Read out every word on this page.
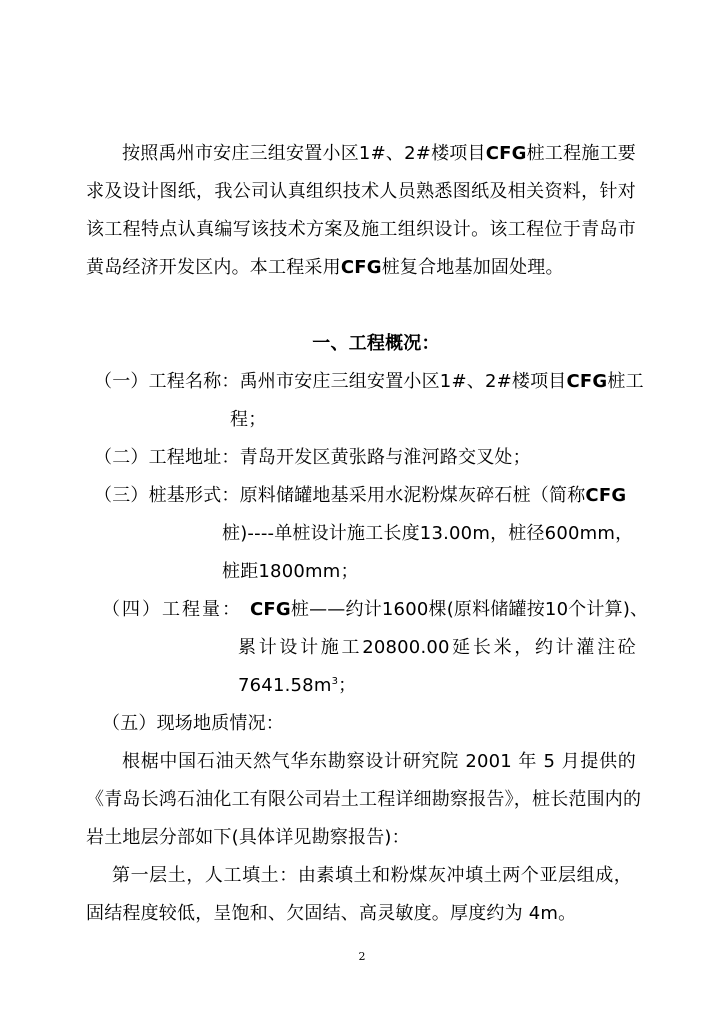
按照禹州市安庄三组安置小区1#、2#楼项目CFG桩工程施工要
求及设计图纸，我公司认真组织技术人员熟悉图纸及相关资料，针对
该工程特点认真编写该技术方案及施工组织设计。该工程位于青岛市
黄岛经济开发区内。本工程采用CFG桩复合地基加固处理。
一、工程概况：
（一）工程名称：禹州市安庄三组安置小区1#、2#楼项目CFG桩工
程；
（二）工程地址：青岛开发区黄张路与淮河路交叉处；
（三）桩基形式：原料储罐地基采用水泥粉煤灰碎石桩（简称CFG
桩)----单桩设计施工长度13.00m，桩径600mm，
桩距1800mm；
（四）工程量： CFG桩——约计1600棵(原料储罐按10个计算)、
累计设计施工20800.00延长米，约计灌注砼
$7641.58m^3$；
（五）现场地质情况：
根椐中国石油天然气华东勘察设计研究院 2001 年 5 月提供的
《青岛长鸿石油化工有限公司岩土工程详细勘察报告》，桩长范围内的
岩土地层分部如下(具体详见勘察报告)：
第一层土，人工填土：由素填土和粉煤灰冲填土两个亚层组成，
固结程度较低，呈饱和、欠固结、高灵敏度。厚度约为 4m。
2
